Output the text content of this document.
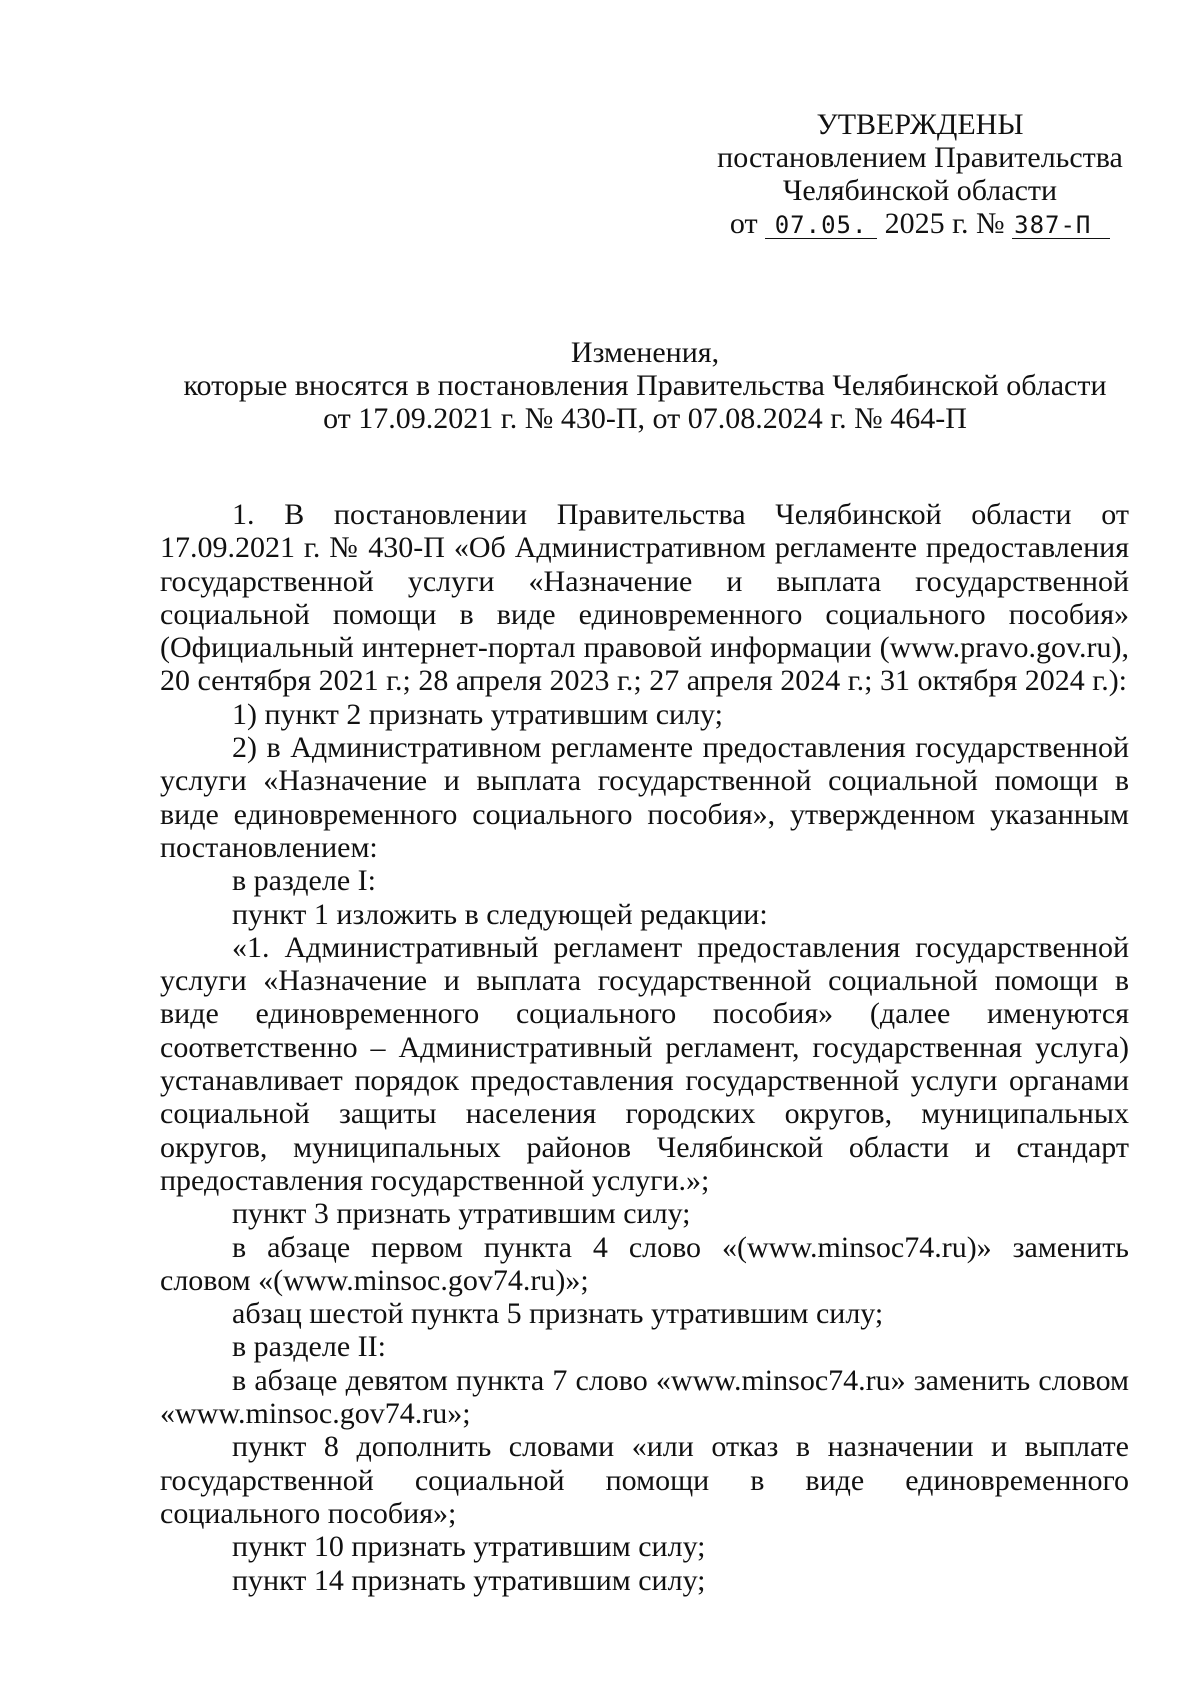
УТВЕРЖДЕНЫ
постановлением Правительства
Челябинской области
от 07.05. 2025 г. № 387-П
Изменения,
которые вносятся в постановления Правительства Челябинской области
от 17.09.2021 г. № 430-П, от 07.08.2024 г. № 464-П

1. В постановлении Правительства Челябинской области от 17.09.2021 г. № 430-П «Об Административном регламенте предоставления государственной услуги «Назначение и выплата государственной социальной помощи в виде единовременного социального пособия» (Официальный интернет-портал правовой информации (www.pravo.gov.ru), 20 сентября 2021 г.; 28 апреля 2023 г.; 27 апреля 2024 г.; 31 октября 2024 г.):

1) пункт 2 признать утратившим силу;

2) в Административном регламенте предоставления государственной услуги «Назначение и выплата государственной социальной помощи в виде единовременного социального пособия», утвержденном указанным постановлением:

в разделе I:

пункт 1 изложить в следующей редакции:

«1. Административный регламент предоставления государственной услуги «Назначение и выплата государственной социальной помощи в виде единовременного социального пособия» (далее именуются соответственно – Административный регламент, государственная услуга) устанавливает порядок предоставления государственной услуги органами социальной защиты населения городских округов, муниципальных округов, муниципальных районов Челябинской области и стандарт предоставления государственной услуги.»;

пункт 3 признать утратившим силу;

в абзаце первом пункта 4 слово «(www.minsoc74.ru)» заменить словом «(www.minsoc.gov74.ru)»;

абзац шестой пункта 5 признать утратившим силу;

в разделе II:

в абзаце девятом пункта 7 слово «www.minsoc74.ru» заменить словом «www.minsoc.gov74.ru»;

пункт 8 дополнить словами «или отказ в назначении и выплате государственной социальной помощи в виде единовременного социального пособия»;

пункт 10 признать утратившим силу;

пункт 14 признать утратившим силу;
